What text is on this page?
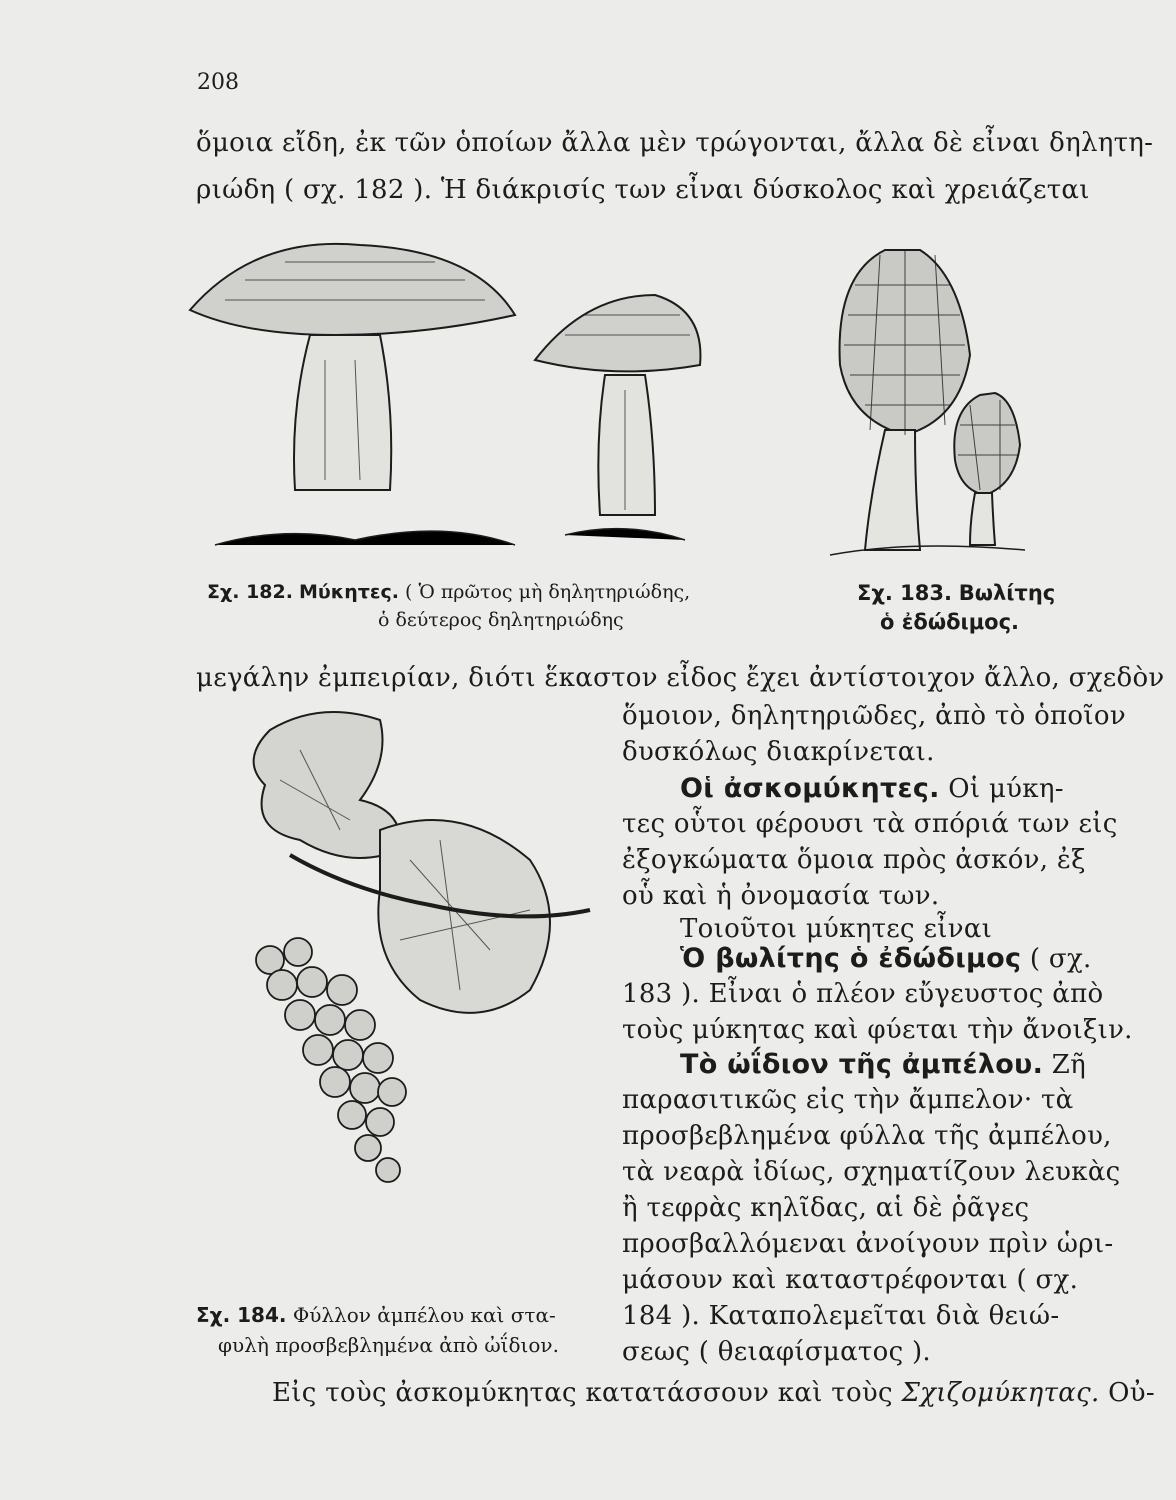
208
ὅμοια εἴδη, ἐκ τῶν ὁποίων ἄλλα μὲν τρώγονται, ἄλλα δὲ εἶναι δηλητη-
ριώδη ( σχ. 182 ). Ἡ διάκρισίς των εἶναι δύσκολος καὶ χρειάζεται
Σχ. 182. Μύκητες. ( Ὁ πρῶτος μὴ δηλητηριώδης,
ὁ δεύτερος δηλητηριώδης
Σχ. 183. Βωλίτης
ὁ ἐδώδιμος.
Σχ. 184. Φύλλον ἀμπέλου καὶ στα-
φυλὴ προσβεβλημένα ἀπὸ ὠΐδιον.
μεγάλην ἐμπειρίαν, διότι ἕκαστον εἶδος ἔχει ἀντίστοιχον ἄλλο, σχεδὸν
ὅμοιον, δηλητηριῶδες, ἀπὸ τὸ ὁποῖον
δυσκόλως διακρίνεται.
Οἱ ἀσκομύκητες. Οἱ μύκη-
τες οὗτοι φέρουσι τὰ σπόριά των εἰς
ἐξογκώματα ὅμοια πρὸς ἀσκόν, ἐξ
οὗ καὶ ἡ ὀνομασία των.
Τοιοῦτοι μύκητες εἶναι
Ὁ βωλίτης ὁ ἐδώδιμος ( σχ.
183 ). Εἶναι ὁ πλέον εὔγευστος ἀπὸ
τοὺς μύκητας καὶ φύεται τὴν ἄνοιξιν.
Τὸ ὠΐδιον τῆς ἀμπέλου. Ζῆ
παρασιτικῶς εἰς τὴν ἄμπελον· τὰ
προσβεβλημένα φύλλα τῆς ἀμπέλου,
τὰ νεαρὰ ἰδίως, σχηματίζουν λευκὰς
ἢ τεφρὰς κηλῖδας, αἱ δὲ ῥᾶγες
προσβαλλόμεναι ἀνοίγουν πρὶν ὡρι-
μάσουν καὶ καταστρέφονται ( σχ.
184 ). Καταπολεμεῖται διὰ θειώ-
σεως ( θειαφίσματος ).
Εἰς τοὺς ἀσκομύκητας κατατάσσουν καὶ τοὺς Σχιζομύκητας. Οὐ-
